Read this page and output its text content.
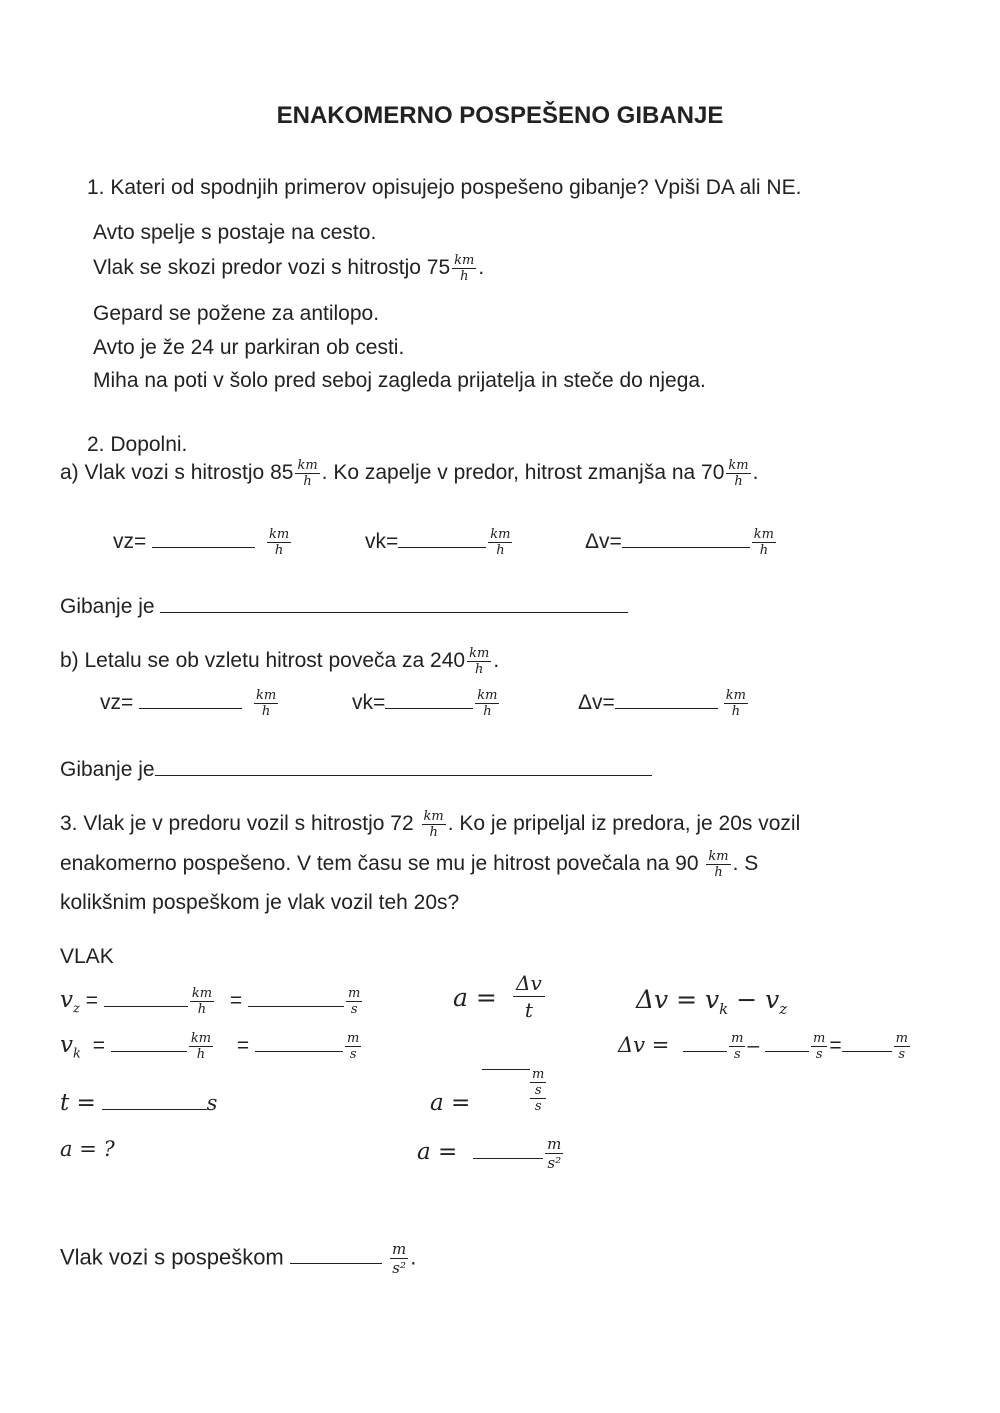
ENAKOMERNO POSPEŠENO GIBANJE
1. Kateri od spodnjih primerov opisujejo pospešeno gibanje? Vpiši DA ali NE.
Avto spelje s postaje na cesto.
Vlak se skozi predor vozi s hitrostjo $75 \frac{km}{h}$ .
Gepard se požene za antilopo.
Avto je že 24 ur parkiran ob cesti.
Miha na poti v šolo pred seboj zagleda prijatelja in steče do njega.
2. Dopolni.
a) Vlak vozi s hitrostjo $85 \frac{km}{h}$ . Ko zapelje v predor, hitrost zmanjša na $70 \frac{km}{h}$ .
vz=	$\frac{km}{h}$	vk=	$\frac{km}{h}$	Δv=	$\frac{km}{h}$
Gibanje je
b) Letalu se ob vzletu hitrost poveča za $240 \frac{km}{h}$ .
vz=	$\frac{km}{h}$	vk=	$\frac{km}{h}$	Δv=	$\frac{km}{h}$
Gibanje je
3. Vlak je v predoru vozil s hitrostjo $72 \frac{km}{h}$ . Ko je pripeljal iz predora, je 20s vozil
enakomerno pospešeno. V tem času se mu je hitrost povečala na $90 \frac{km}{h}$ . S
kolikšnim pospeškom je vlak vozil teh 20s?
VLAK
$v_z$ =	$\frac{km}{h}$ =	$\frac{m}{s}$
$v_k$ =	$\frac{km}{h}$ =	$\frac{m}{s}$
t =	s
a = ?
a = Δv
t	$\Delta v = v_k - v_z$
Δv =	$\frac{m}{s}$ –	$\frac{m}{s}$ =	$\frac{m}{s}$
a =
$\frac{m}{s}$
s
a =	$\frac{m}{\text{s²}}$
Vlak vozi s pospeškom	$\frac{m}{\text{s²}}$ .
